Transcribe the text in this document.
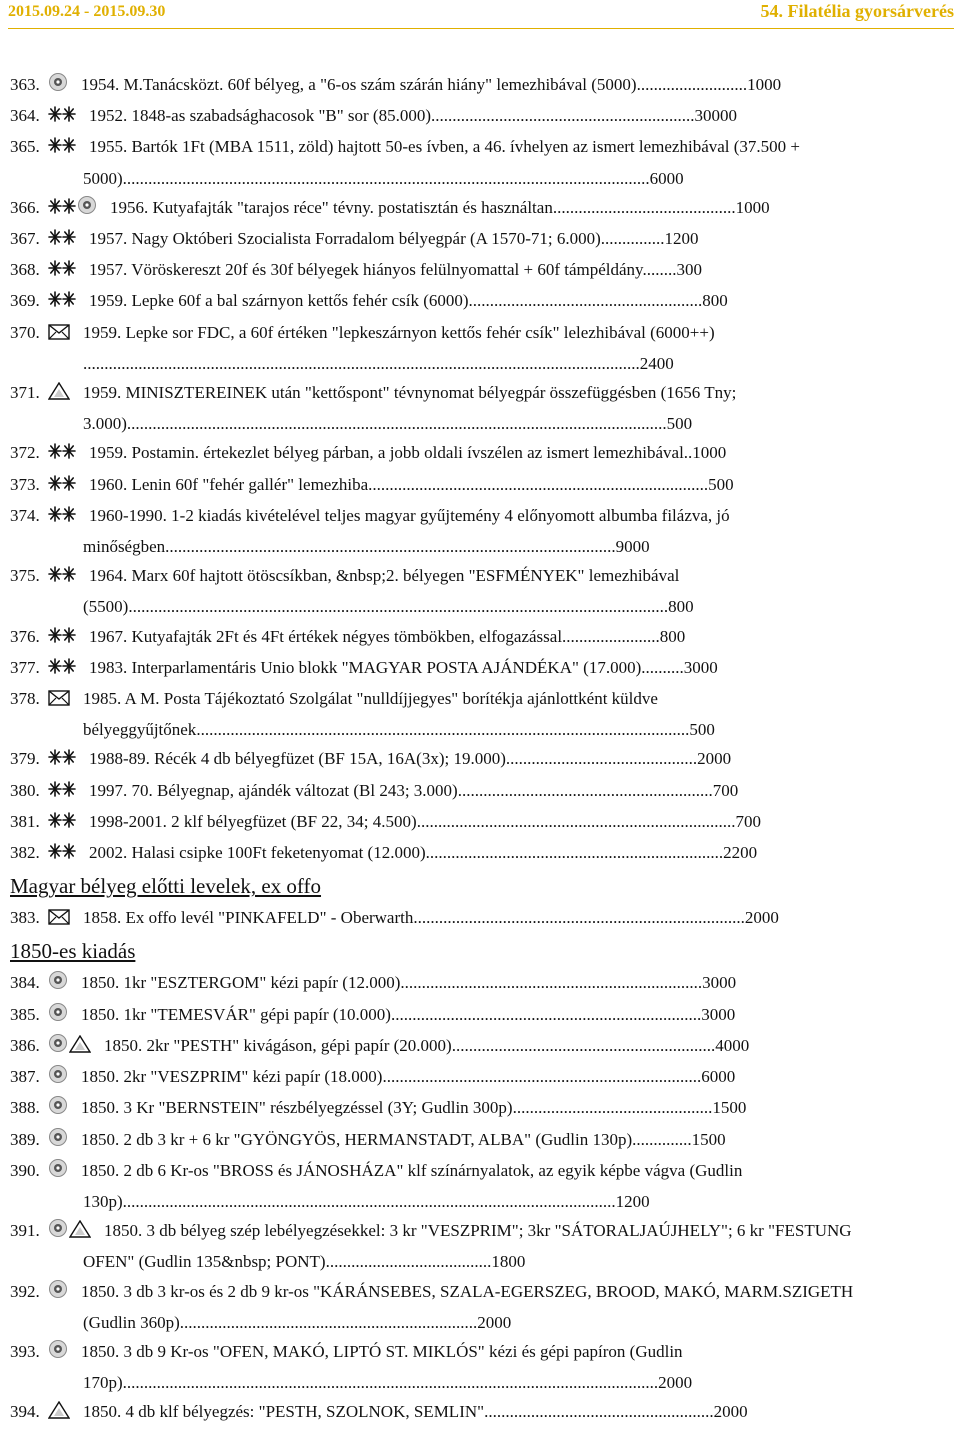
2015.09.24 - 2015.09.30	54. Filatélia gyorsárverés
363. 1954. M.Tanácsközt. 60f bélyeg, a "6-os szám szárán hiány" lemezhibával (5000)..........................1000
364.	1952. 1848-as szabadsághacosok "B" sor (85.000)..............................................................30000
365.	1955. Bartók 1Ft (MBA 1511, zöld) hajtott 50-es ívben, a 46. ívhelyen az ismert lemezhibával (37.500 + 5000)............................................................................................................................6000
366.	1956. Kutyafajták "tarajos réce" tévny. postatisztán és használtan...........................................1000
367.	1957. Nagy Októberi Szocialista Forradalom bélyegpár (A 1570-71; 6.000)...............1200
368.	1957. Vöröskereszt 20f és 30f bélyegek hiányos felülnyomattal + 60f támpéldány........300
369.	1959. Lepke 60f a bal szárnyon kettős fehér csík (6000).......................................................800
370.	1959. Lepke sor FDC, a 60f értéken "lepkeszárnyon kettős fehér csík" lelezhibával (6000++) ...................................................................................................................................2400
371.	1959. MINISZTEREINEK után "kettőspont" tévnynomat bélyegpár összefüggésben (1656 Tny; 3.000)...............................................................................................................................500
372.	1959. Postamin. értekezlet bélyeg párban, a jobb oldali ívszélen az ismert lemezhibával..1000
373.	1960. Lenin 60f "fehér gallér" lemezhiba................................................................................500
374.	1960-1990. 1-2 kiadás kivételével teljes magyar gyűjtemény 4 előnyomott albumba filázva, jó minőségben..........................................................................................................9000
375.	1964. Marx 60f hajtott ötöscsíkban, &nbsp;2. bélyegen "ESFMÉNYEK" lemezhibával (5500)...............................................................................................................................800
376.	1967. Kutyafajták 2Ft és 4Ft értékek négyes tömbökben, elfogazással.......................800
377.	1983. Interparlamentáris Unio blokk "MAGYAR POSTA AJÁNDÉKA" (17.000)..........3000
378.	1985. A M. Posta Tájékoztató Szolgálat "nulldíjjegyes" borítékja ajánlottként küldve bélyeggyűjtőnek....................................................................................................................500
379.	1988-89. Récék 4 db bélyegfüzet (BF 15A, 16A(3x); 19.000).............................................2000
380.	1997. 70. Bélyegnap, ajándék változat (Bl 243; 3.000)............................................................700
381.	1998-2001. 2 klf bélyegfüzet (BF 22, 34; 4.500)...........................................................................700
382.	2002. Halasi csipke 100Ft feketenyomat (12.000)......................................................................2200
Magyar bélyeg előtti levelek, ex offo
383.	1858. Ex offo levél "PINKAFELD" - Oberwarth..............................................................................2000
1850-es kiadás
384. 1850. 1kr "ESZTERGOM" kézi papír (12.000).......................................................................3000
385. 1850. 1kr "TEMESVÁR" gépi papír (10.000).........................................................................3000
386.	1850. 2kr "PESTH" kivágáson, gépi papír (20.000)..............................................................4000
387. 1850. 2kr "VESZPRIM" kézi papír (18.000)...........................................................................6000
388. 1850. 3 Kr "BERNSTEIN" részbélyegzéssel (3Y; Gudlin 300p)...............................................1500
389. 1850. 2 db 3 kr + 6 kr "GYÖNGYÖS, HERMANSTADT, ALBA" (Gudlin 130p)..............1500
390. 1850. 2 db 6 Kr-os "BROSS és JÁNOSHÁZA" klf színárnyalatok, az egyik képbe vágva (Gudlin 130p)....................................................................................................................1200
391.	1850. 3 db bélyeg szép lebélyegzésekkel: 3 kr "VESZPRIM"; 3kr "SÁTORALJAÚJHELY"; 6 kr "FESTUNG OFEN" (Gudlin 135&nbsp; PONT).......................................1800
392. 1850. 3 db 3 kr-os és 2 db 9 kr-os "KÁRÁNSEBES, SZALA-EGERSZEG, BROOD, MAKÓ, MARM.SZIGETH (Gudlin 360p)......................................................................2000
393. 1850. 3 db 9 Kr-os "OFEN, MAKÓ, LIPTÓ ST. MIKLÓS" kézi és gépi papíron (Gudlin 170p)..............................................................................................................................2000
394.	1850. 4 db klf bélyegzés: "PESTH, SZOLNOK, SEMLIN"......................................................2000
